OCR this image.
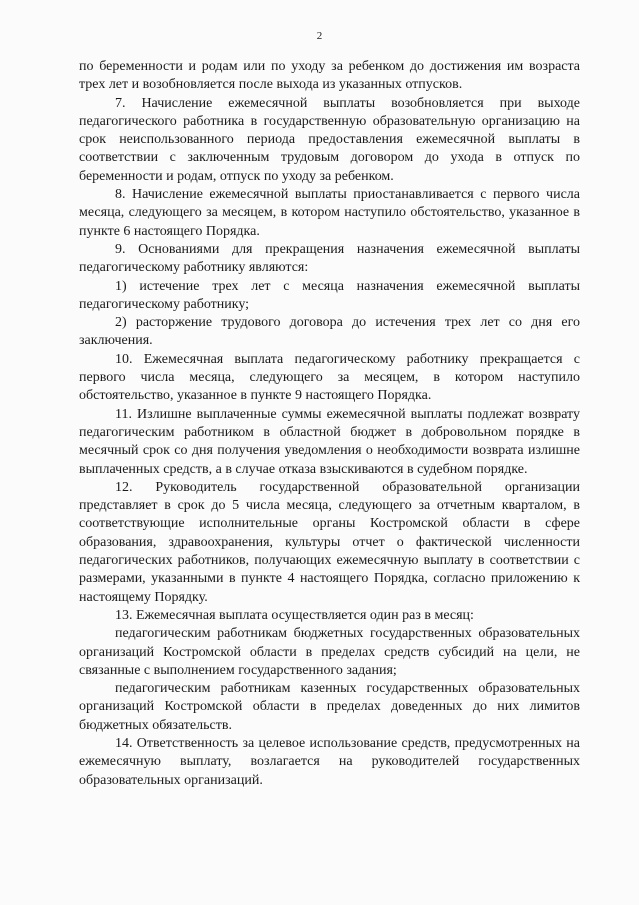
2

по беременности и родам или по уходу за ребенком до достижения им возраста трех лет и возобновляется после выхода из указанных отпусков.

7. Начисление ежемесячной выплаты возобновляется при выходе педагогического работника в государственную образовательную организацию на срок неиспользованного периода предоставления ежемесячной выплаты в соответствии с заключенным трудовым договором до ухода в отпуск по беременности и родам, отпуск по уходу за ребенком.

8. Начисление ежемесячной выплаты приостанавливается с первого числа месяца, следующего за месяцем, в котором наступило обстоятельство, указанное в пункте 6 настоящего Порядка.

9. Основаниями для прекращения назначения ежемесячной выплаты педагогическому работнику являются:

1) истечение трех лет с месяца назначения ежемесячной выплаты педагогическому работнику;

2) расторжение трудового договора до истечения трех лет со дня его заключения.

10. Ежемесячная выплата педагогическому работнику прекращается с первого числа месяца, следующего за месяцем, в котором наступило обстоятельство, указанное в пункте 9 настоящего Порядка.

11. Излишне выплаченные суммы ежемесячной выплаты подлежат возврату педагогическим работником в областной бюджет в добровольном порядке в месячный срок со дня получения уведомления о необходимости возврата излишне выплаченных средств, а в случае отказа взыскиваются в судебном порядке.

12. Руководитель государственной образовательной организации представляет в срок до 5 числа месяца, следующего за отчетным кварталом, в соответствующие исполнительные органы Костромской области в сфере образования, здравоохранения, культуры отчет о фактической численности педагогических работников, получающих ежемесячную выплату в соответствии с размерами, указанными в пункте 4 настоящего Порядка, согласно приложению к настоящему Порядку.

13. Ежемесячная выплата осуществляется один раз в месяц:

педагогическим работникам бюджетных государственных образовательных организаций Костромской области в пределах средств субсидий на цели, не связанные с выполнением государственного задания;

педагогическим работникам казенных государственных образовательных организаций Костромской области в пределах доведенных до них лимитов бюджетных обязательств.

14. Ответственность за целевое использование средств, предусмотренных на ежемесячную выплату, возлагается на руководителей государственных образовательных организаций.
